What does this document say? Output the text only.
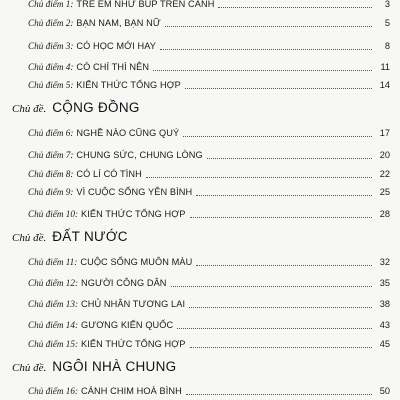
Chủ điểm 1: TRẺ EM NHƯ BÚP TRÊN CÀNH	3
Chủ điểm 2: BẠN NAM, BẠN NỮ	5
Chủ điểm 3: CÓ HỌC MỚI HAY	8
Chủ điểm 4: CÓ CHÍ THÌ NÊN	11
Chủ điểm 5: KIẾN THỨC TỔNG HỢP	14
Chủ đề. CỘNG ĐỒNG
Chủ điểm 6: NGHỀ NÀO CŨNG QUÝ	17
Chủ điểm 7: CHUNG SỨC, CHUNG LÒNG	20
Chủ điểm 8: CÓ LÍ CÓ TÌNH	22
Chủ điểm 9: VÌ CUỘC SỐNG YÊN BÌNH	25
Chủ điểm 10: KIẾN THỨC TỔNG HỢP	28
Chủ đề. ĐẤT NƯỚC
Chủ điểm 11: CUỘC SỐNG MUÔN MÀU	32
Chủ điểm 12: NGƯỜI CÔNG DÂN	35
Chủ điểm 13: CHỦ NHÂN TƯƠNG LAI	38
Chủ điểm 14: GƯƠNG KIẾN QUỐC	43
Chủ điểm 15: KIẾN THỨC TỔNG HỢP	45
Chủ đề. NGÔI NHÀ CHUNG
Chủ điểm 16: CÁNH CHIM HOÀ BÌNH	50
